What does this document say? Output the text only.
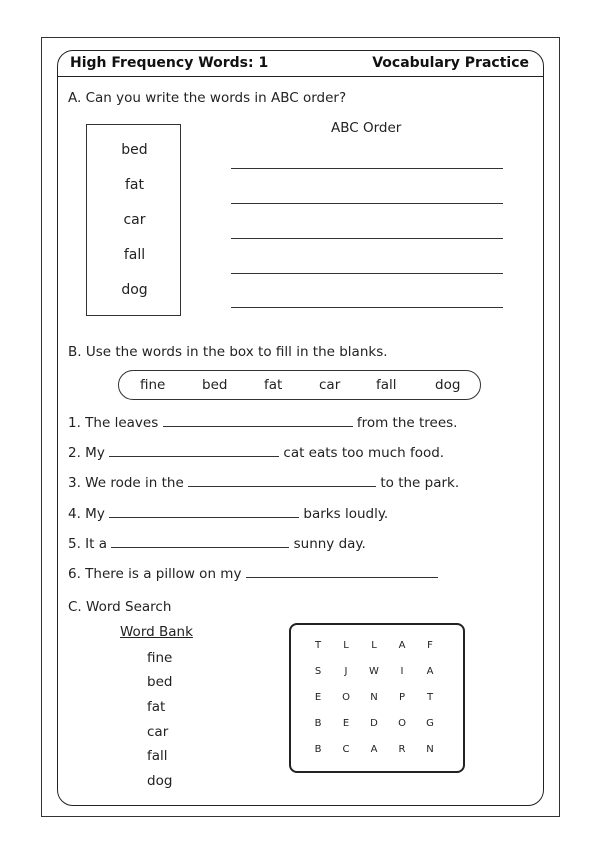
High Frequency Words: 1	Vocabulary Practice
A. Can you write the words in ABC order?
bed
fat
car
fall
dog
ABC Order
B. Use the words in the box to fill in the blanks.
fine	bed	fat	car	fall	dog
1. The leaves	from the trees.
2. My	cat eats too much food.
3. We rode in the	to the park.
4. My	barks loudly.
5. It a	sunny day.
6. There is a pillow on my
C. Word Search
Word Bank
fine
bed
fat
car
fall
dog
T	L	L	A	F
S	J	W	I	A
E	O	N	P	T
B	E	D	O	G
B	C	A	R	N
